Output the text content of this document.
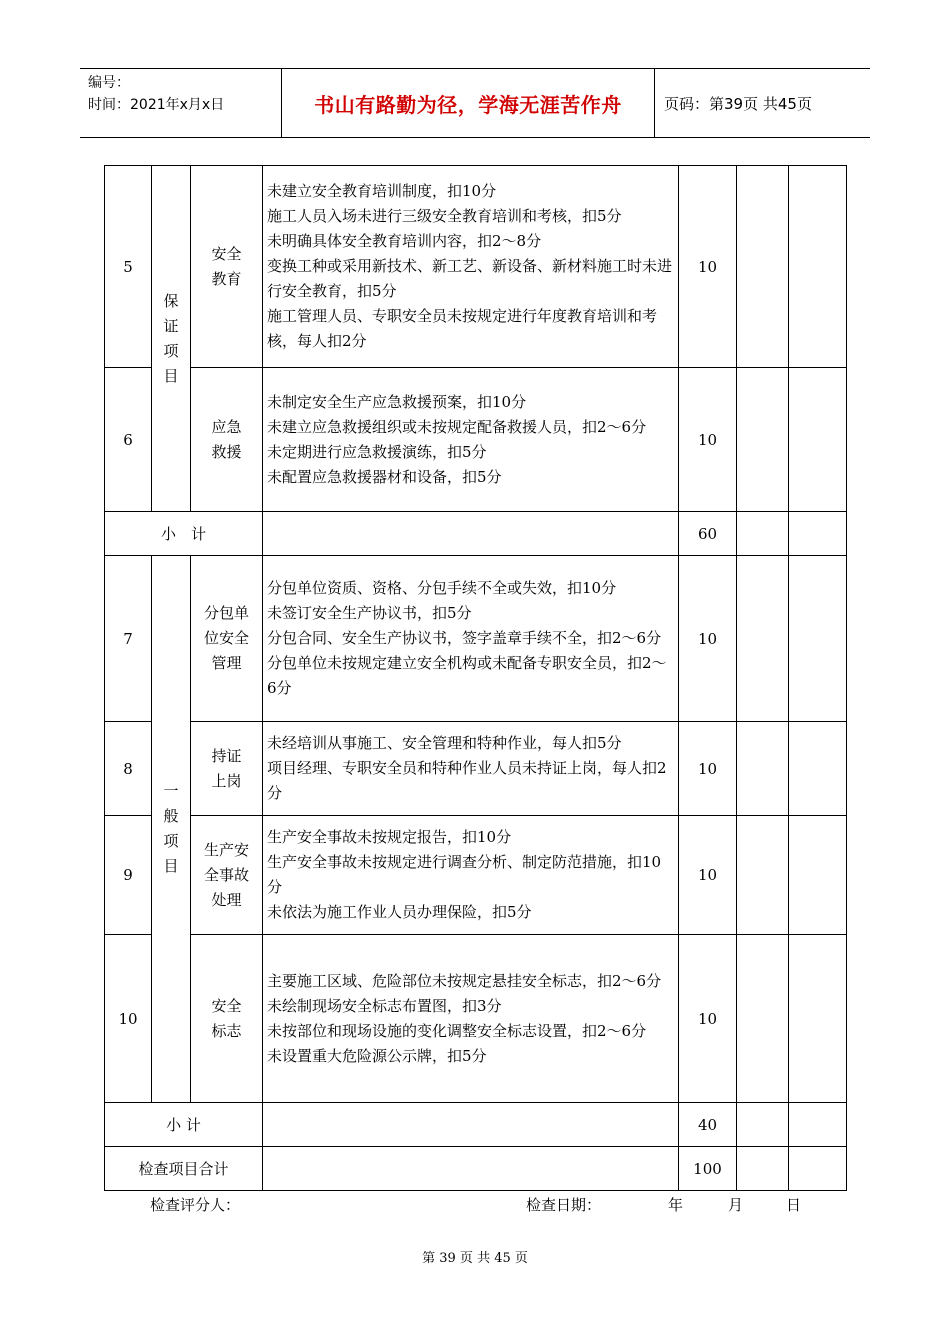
编号：
时间：2021年x月x日	书山有路勤为径，学海无涯苦作舟	页码：第39页 共45页
5	保证项目	安全教育	未建立安全教育培训制度，扣10分
施工人员入场未进行三级安全教育培训和考核，扣5分
未明确具体安全教育培训内容，扣2～8分
变换工种或采用新技术、新工艺、新设备、新材料施工时未进行安全教育，扣5分
施工管理人员、专职安全员未按规定进行年度教育培训和考核，每人扣2分	10		
6		应急救援	未制定安全生产应急救援预案，扣10分
未建立应急救援组织或未按规定配备救援人员，扣2～6分
未定期进行应急救援演练，扣5分
未配置应急救援器材和设备，扣5分	10		
小　计				60		
7	一般项目	分包单位安全管理	分包单位资质、资格、分包手续不全或失效，扣10分
未签订安全生产协议书，扣5分
分包合同、安全生产协议书，签字盖章手续不全，扣2～6分
分包单位未按规定建立安全机构或未配备专职安全员，扣2～6分	10		
8		持证上岗	未经培训从事施工、安全管理和特种作业，每人扣5分
项目经理、专职安全员和特种作业人员未持证上岗，每人扣2分	10		
9		生产安全事故处理	生产安全事故未按规定报告，扣10分
生产安全事故未按规定进行调查分析、制定防范措施，扣10分
未依法为施工作业人员办理保险，扣5分	10		
10		安全标志	主要施工区域、危险部位未按规定悬挂安全标志，扣2～6分
未绘制现场安全标志布置图，扣3分
未按部位和现场设施的变化调整安全标志设置，扣2～6分
未设置重大危险源公示牌，扣5分	10		
小 计				40		
检查项目合计				100		
检查评分人：	检查日期：	年	月	日
第 39 页 共 45 页
